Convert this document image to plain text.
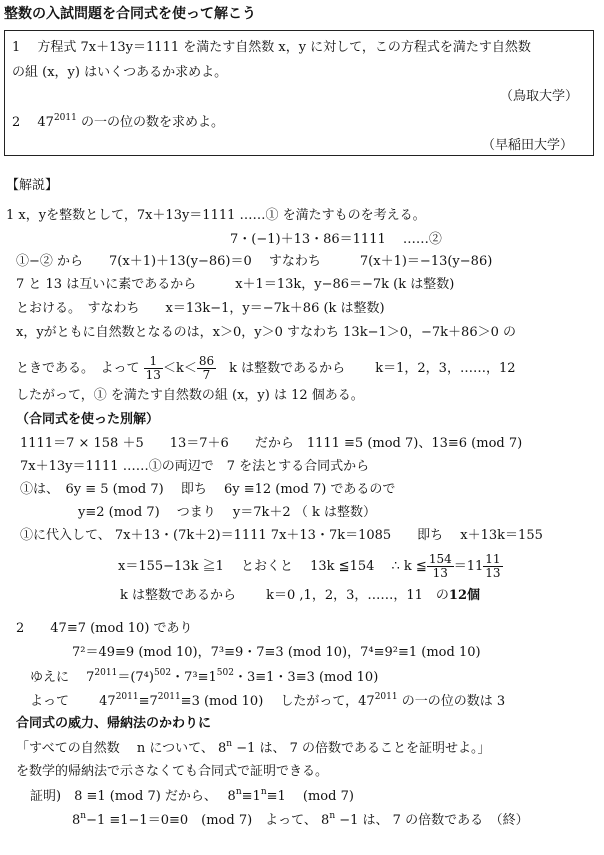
整数の入試問題を合同式を使って解こう
1　 方程式 7x＋13y＝1111 を満たす自然数 x，y に対して，この方程式を満たす自然数
の組 (x，y) はいくつあるか求めよ。
（鳥取大学）
2　 $47^{2011}$ の一の位の数を求めよ。
（早稲田大学）
【解説】
1 x，yを整数として，7x＋13y＝1111 ……① を満たすものを考える。
7・(−1)＋13・86＝1111　 ……②
①−② から　　7(x＋1)＋13(y−86)＝0　 すなわち　　　7(x＋1)＝−13(y−86)
7 と 13 は互いに素であるから　　　x＋1＝13k，y−86＝−7k (k は整数)
とおける。　すなわち　　x＝13k−1，y＝−7k＋86 (k は整数)
x，yがともに自然数となるのは，x＞0，y＞0 すなわち 13k−1＞0，−7k＋86＞0 の
ときである。　よって $\frac{1}{13} <k< \frac{86}{7}$ 　k は整数であるから　　 k＝1，2，3，……，12
したがって，① を満たす自然数の組 (x，y) は 12 個ある。
（合同式を使った別解）
1111＝7 × 158 ＋5　　13＝7＋6　　だから　1111 ≡5 (mod 7)、13≡6 (mod 7)
7x＋13y＝1111 ……①の両辺で　7 を法とする合同式から
①は、　6y ≡ 5 (mod 7)　 即ち　 6y ≡12 (mod 7) であるので
y≡2 (mod 7)　 つまり　 y＝7k＋2 （ k は整数）
①に代入して、 7x＋13・(7k＋2)＝1111 7x＋13・7k＝1085　　即ち　 x＋13k＝155
x＝155−13k ≧1　 とおくと　 13k ≦154　 ∴ k ≦ $\frac{154}{13} =11 \frac{11}{13}$
k は整数であるから　　 k＝0 ,1，2，3，……，11　の12個
2　　47≡7 (mod 10) であり
7²＝49≡9 (mod 10)，7³≡9・7≡3 (mod 10)，7⁴≡9²≡1 (mod 10)
ゆえに　 $7^{2011}=(7^4)^{502}$・$7^3\equiv 1^{502}$・3≡1・3≡3 (mod 10)
よって　　 $47^{2011}\equiv 7^{2011}\equiv 3$ (mod 10)　 したがって，$47^{2011}$ の一の位の数は 3
合同式の威力、帰納法のかわりに
「すべての自然数　 n について、 $8^n -1$ は、 7 の倍数であることを証明せよ。」
を数学的帰納法で示さなくても合同式で証明できる。
証明)　8 ≡1 (mod 7) だから、　 $8^n\equiv 1^n\equiv 1$　 (mod 7)
$8^n-1 \equiv 1-1=0\equiv 0$　(mod 7)　よって、 $8^n -1$ は、 7 の倍数である　（終）
